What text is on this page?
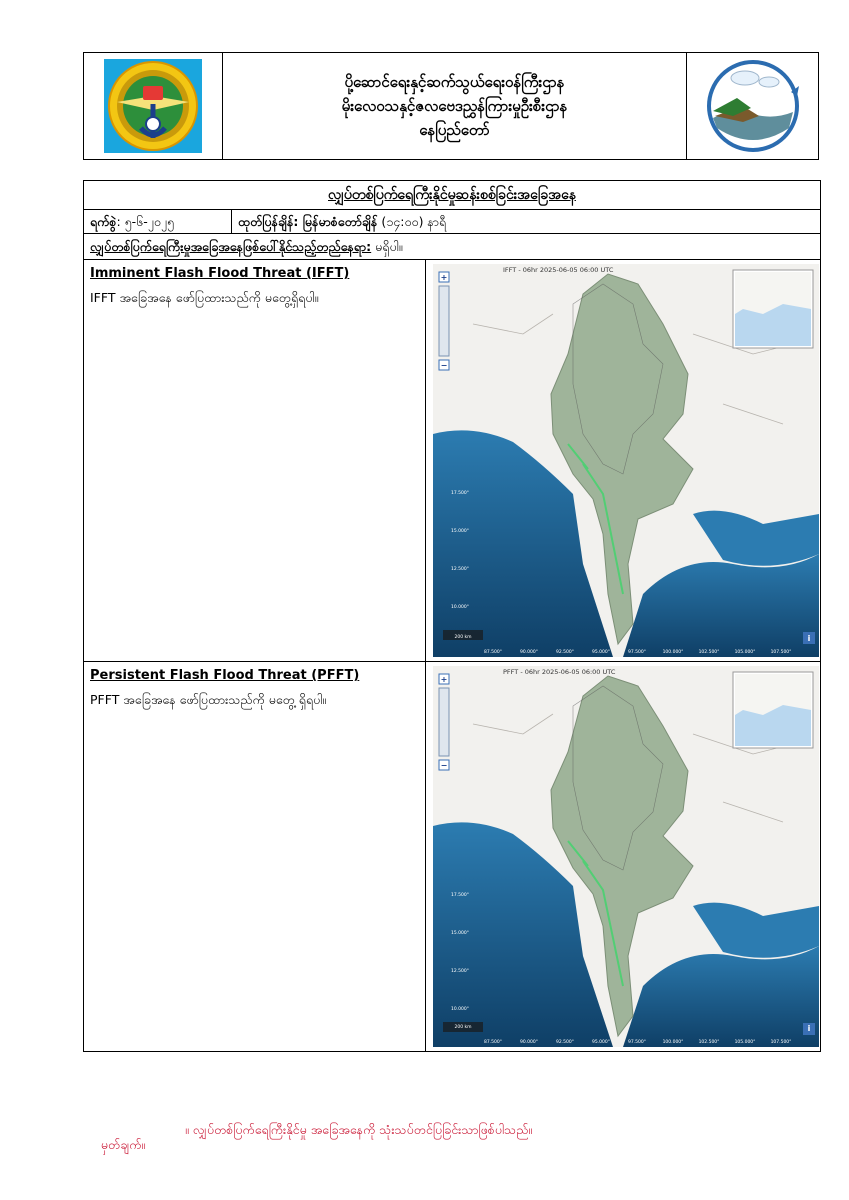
ပို့ဆောင်ရေးနှင့်ဆက်သွယ်ရေးဝန်ကြီးဌာန
မိုးလေဝသနှင့်ဇလဗေဒညွှန်ကြားမှုဦးစီးဌာန
နေပြည်တော်
လျှပ်တစ်ပြက်ရေကြီးနိုင်မှုဆန်းစစ်ခြင်းအခြေအနေ
ရက်စွဲ: ၅-၆-၂၀၂၅	ထုတ်ပြန်ချိန်: မြန်မာစံတော်ချိန် (၁၄:၀၀) နာရီ
လျှပ်တစ်ပြက်ရေကြီးမှုအခြေအနေဖြစ်ပေါ်နိုင်သည့်တည်နေရာ: မရှိပါ။
Imminent Flash Flood Threat (IFFT)
IFFT အခြေအနေ ဖော်ပြထားသည်ကို မတွေ့ရှိရပါ။
IFFT - 06hr 2025-06-05 06:00 UTC
+
−
200 km
17.500°
15.000°
12.500°
10.000°
87.500°	90.000°	92.500°	95.000°	97.500°	100.000°	102.500°	105.000°	107.500°
i
Persistent Flash Flood Threat (PFFT)
PFFT အခြေအနေ ဖော်ပြထားသည်ကို မတွေ့ ရှိရပါ။
PFFT - 06hr 2025-06-05 06:00 UTC
+
−
200 km
17.500°
15.000°
12.500°
10.000°
87.500°	90.000°	92.500°	95.000°	97.500°	100.000°	102.500°	105.000°	107.500°
i

မှတ်ချက်။

။ လျှပ်တစ်ပြက်ရေကြီးနိုင်မှု အခြေအနေကို သုံးသပ်တင်ပြခြင်းသာဖြစ်ပါသည်။
